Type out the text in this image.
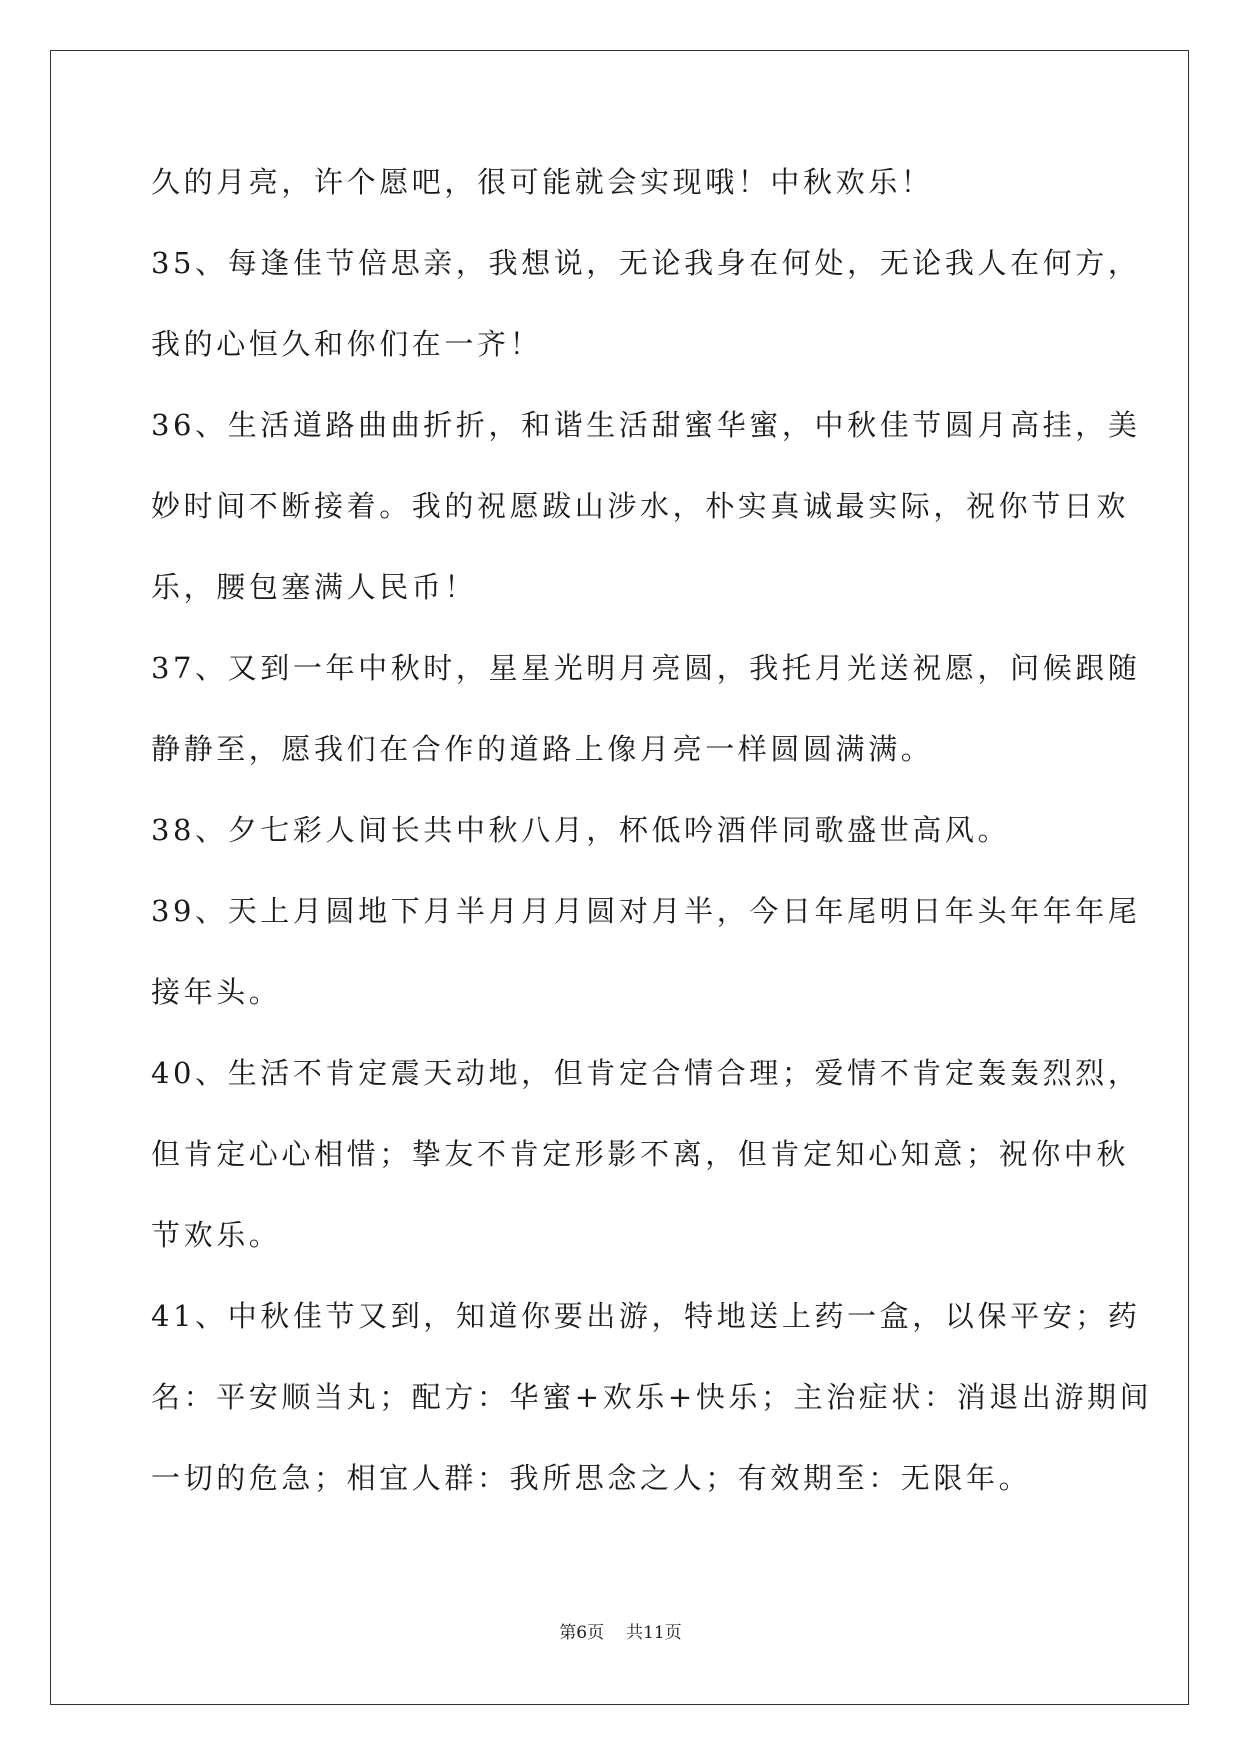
久的月亮，许个愿吧，很可能就会实现哦！中秋欢乐！
35、每逢佳节倍思亲，我想说，无论我身在何处，无论我人在何方，
我的心恒久和你们在一齐！
36、生活道路曲曲折折，和谐生活甜蜜华蜜，中秋佳节圆月高挂，美
妙时间不断接着。我的祝愿跋山涉水，朴实真诚最实际，祝你节日欢
乐，腰包塞满人民币！
37、又到一年中秋时，星星光明月亮圆，我托月光送祝愿，问候跟随
静静至，愿我们在合作的道路上像月亮一样圆圆满满。
38、夕七彩人间长共中秋八月，杯低吟酒伴同歌盛世高风。
39、天上月圆地下月半月月月圆对月半，今日年尾明日年头年年年尾
接年头。
40、生活不肯定震天动地，但肯定合情合理；爱情不肯定轰轰烈烈，
但肯定心心相惜；挚友不肯定形影不离，但肯定知心知意；祝你中秋
节欢乐。
41、中秋佳节又到，知道你要出游，特地送上药一盒，以保平安；药
名：平安顺当丸；配方：华蜜+欢乐+快乐；主治症状：消退出游期间
一切的危急；相宜人群：我所思念之人；有效期至：无限年。
第6页 共11页
